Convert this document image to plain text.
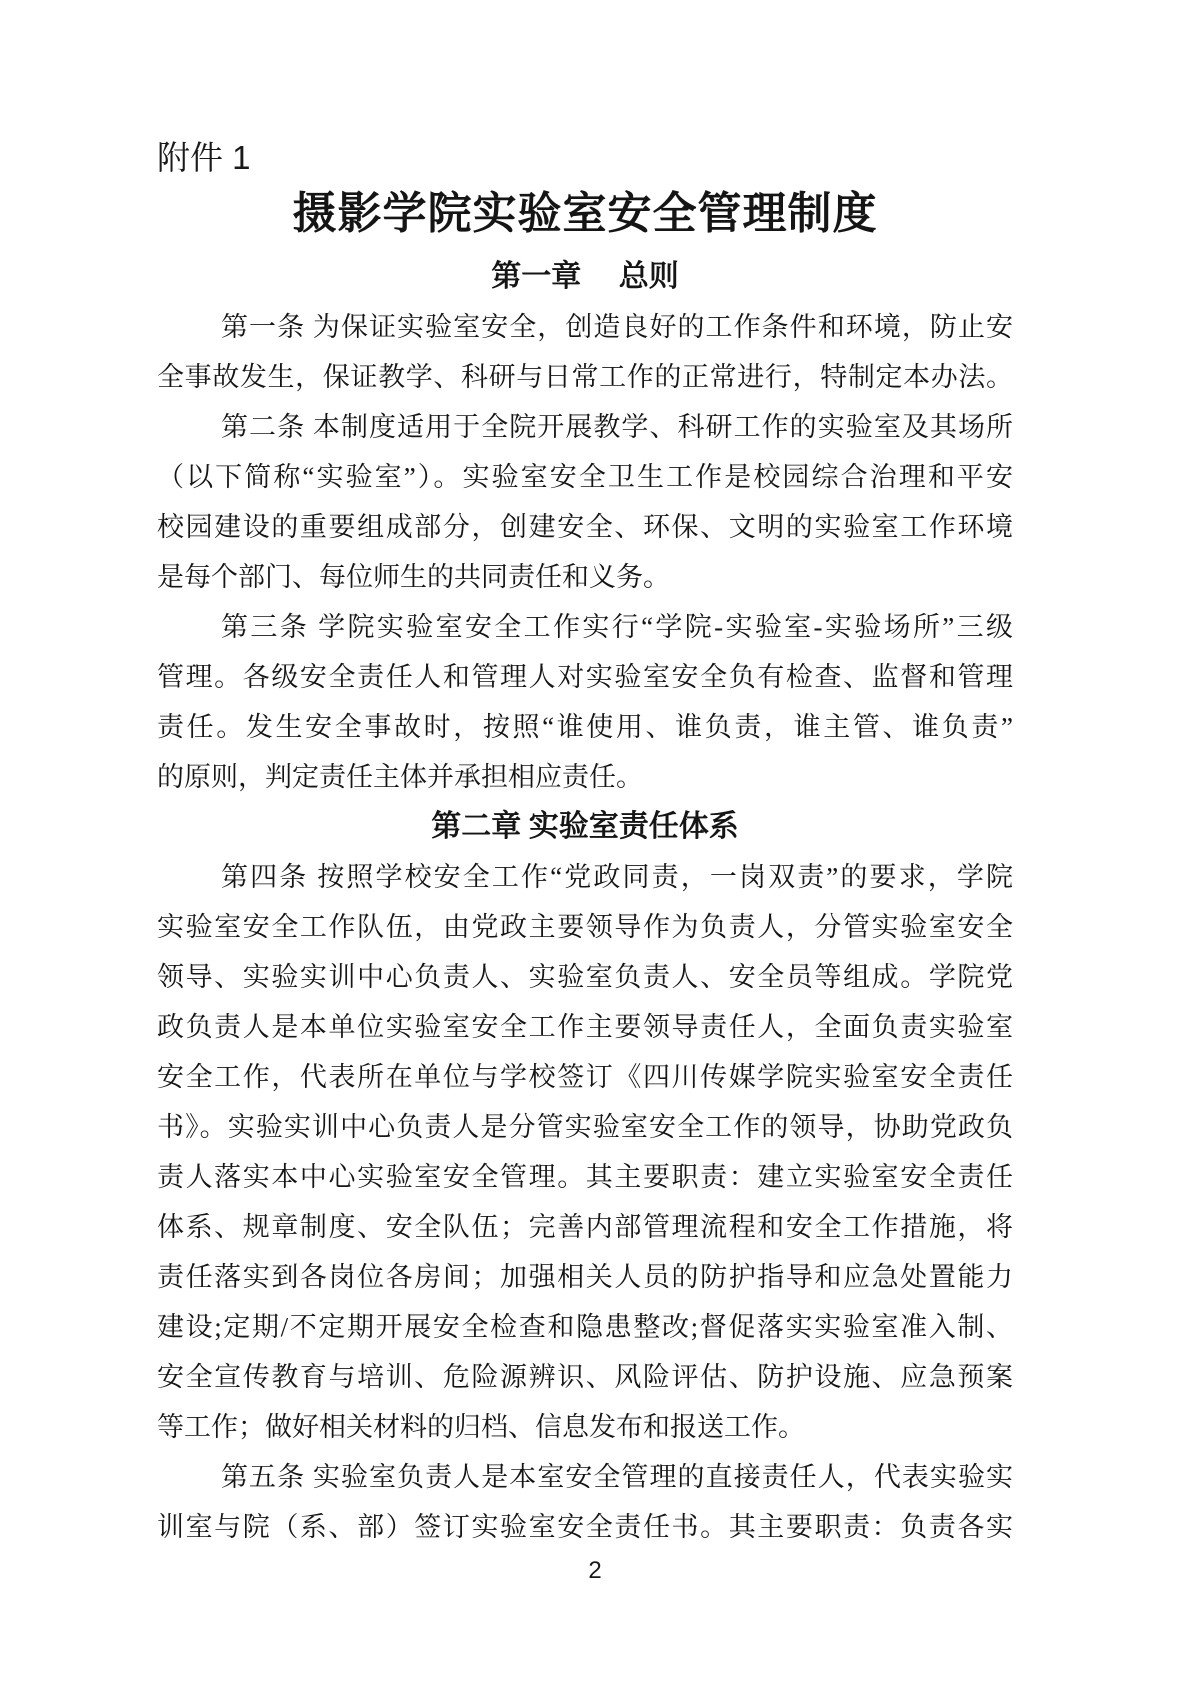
附件 1
摄影学院实验室安全管理制度
第一章　 总则

第一条 为保证实验室安全，创造良好的工作条件和环境，防止安
全事故发生，保证教学、科研与日常工作的正常进行，特制定本办法。

第二条 本制度适用于全院开展教学、科研工作的实验室及其场所
（以下简称“实验室”）。实验室安全卫生工作是校园综合治理和平安
校园建设的重要组成部分，创建安全、环保、文明的实验室工作环境
是每个部门、每位师生的共同责任和义务。

第三条 学院实验室安全工作实行“学院-实验室-实验场所”三级
管理。各级安全责任人和管理人对实验室安全负有检查、监督和管理
责任。发生安全事故时，按照“谁使用、谁负责，谁主管、谁负责”
的原则，判定责任主体并承担相应责任。

第二章 实验室责任体系

第四条 按照学校安全工作“党政同责，一岗双责”的要求，学院
实验室安全工作队伍，由党政主要领导作为负责人，分管实验室安全
领导、实验实训中心负责人、实验室负责人、安全员等组成。学院党
政负责人是本单位实验室安全工作主要领导责任人，全面负责实验室
安全工作，代表所在单位与学校签订《四川传媒学院实验室安全责任
书》。实验实训中心负责人是分管实验室安全工作的领导，协助党政负
责人落实本中心实验室安全管理。其主要职责：建立实验室安全责任
体系、规章制度、安全队伍；完善内部管理流程和安全工作措施，将
责任落实到各岗位各房间；加强相关人员的防护指导和应急处置能力
建设;定期/不定期开展安全检查和隐患整改;督促落实实验室准入制、
安全宣传教育与培训、危险源辨识、风险评估、防护设施、应急预案
等工作；做好相关材料的归档、信息发布和报送工作。

第五条 实验室负责人是本室安全管理的直接责任人，代表实验实
训室与院（系、部）签订实验室安全责任书。其主要职责：负责各实

2
